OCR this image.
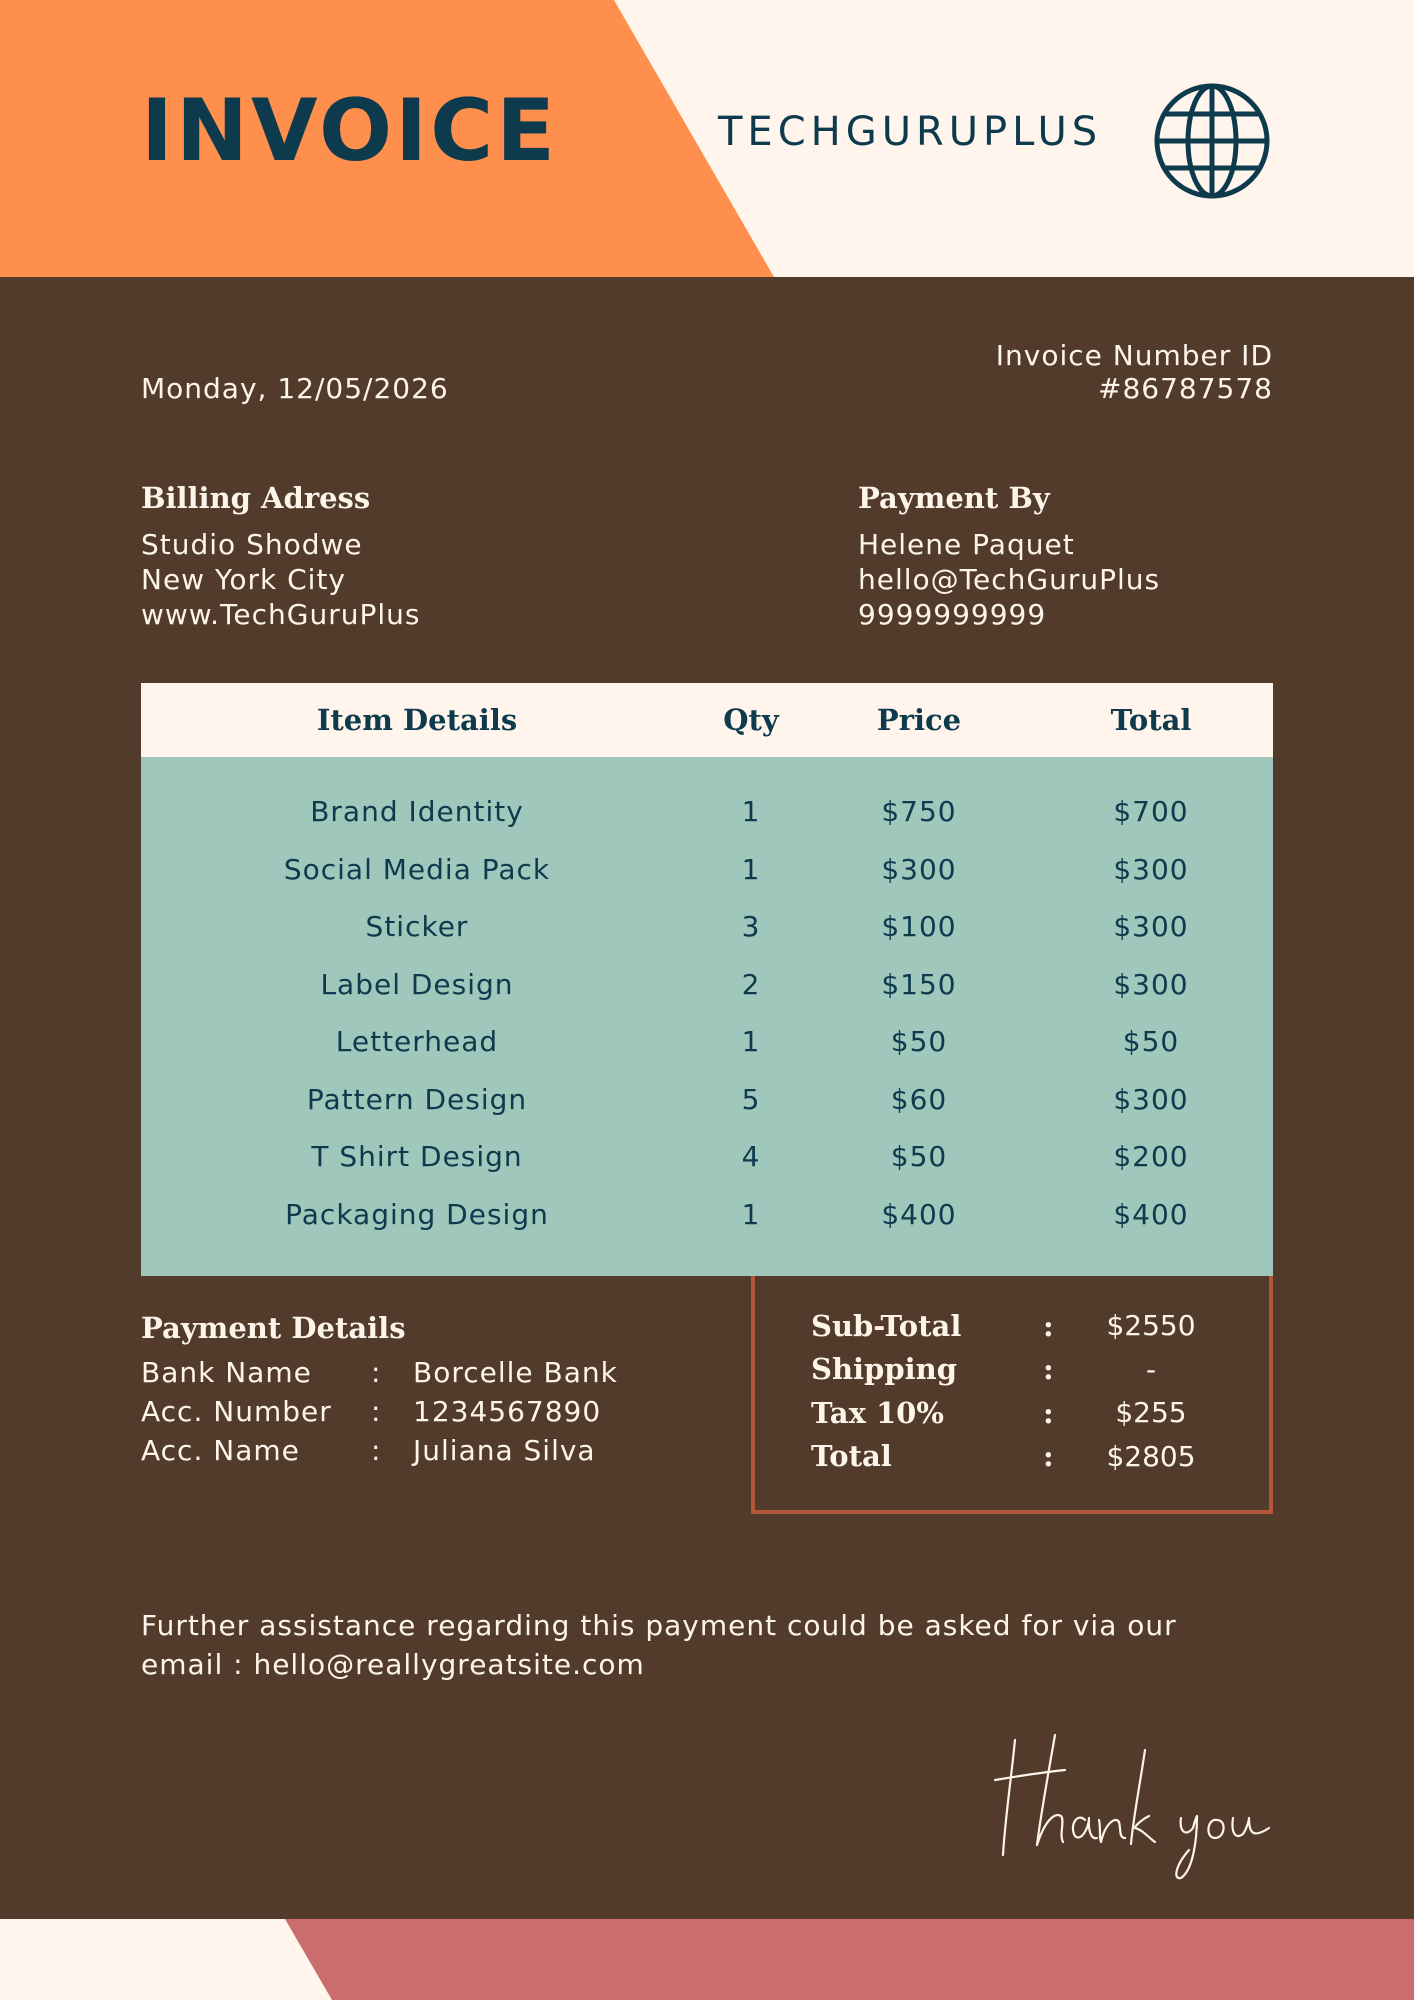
INVOICE	TECHGURUPLUS
Monday, 12/05/2026
Invoice Number ID
#86787578
Billing Adress
Studio Shodwe
New York City
www.TechGuruPlus
Payment By
Helene Paquet
hello@TechGuruPlus
9999999999
Item Details	Qty	Price	Total
Brand Identity	1	$750	$700
Social Media Pack	1	$300	$300
Sticker	3	$100	$300
Label Design	2	$150	$300
Letterhead	1	$50	$50
Pattern Design	5	$60	$300
T Shirt Design	4	$50	$200
Packaging Design	1	$400	$400
Payment Details
Bank Name	:	Borcelle Bank
Acc. Number	:	1234567890
Acc. Name	:	Juliana Silva
Sub-Total	:	$2550
Shipping	:	-
Tax 10%	:	$255
Total	:	$2805
Further assistance regarding this payment could be asked for via our
email : hello@reallygreatsite.com
